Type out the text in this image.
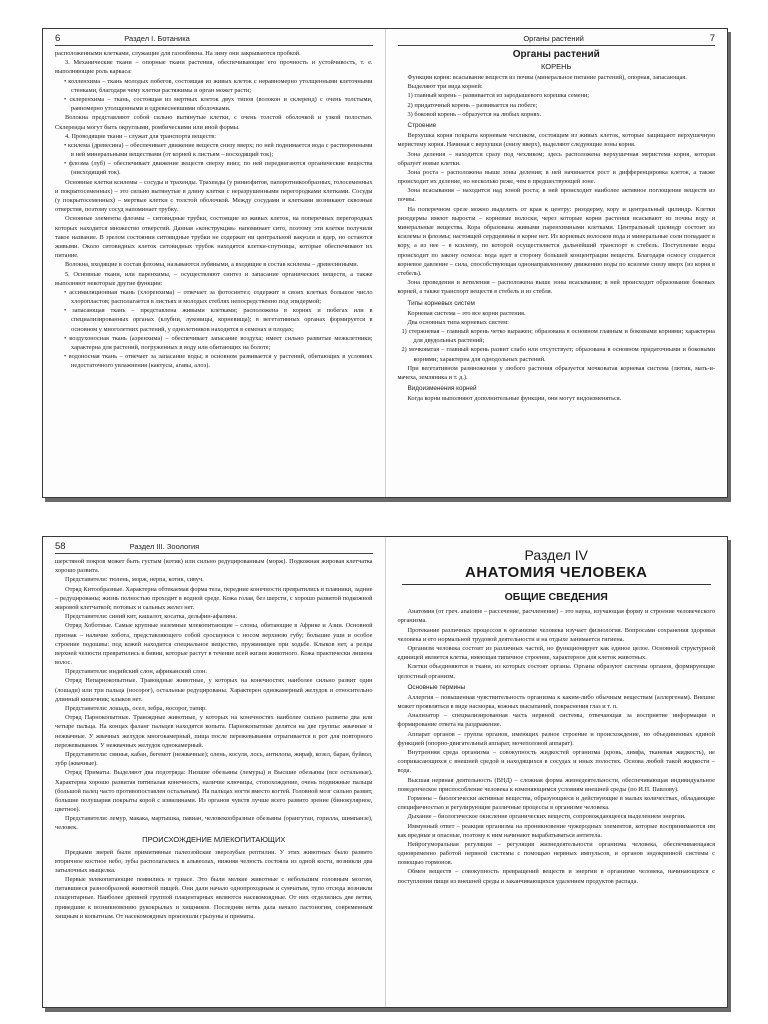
6	Раздел I. Ботаника

расположенными клетками, служащие для газообмена. На зиму они закрываются пробкой.

3. Механические ткани – опорные ткани растения, обеспечивающие его прочность и устойчивость, т. е. выполняющие роль каркаса:

• колленхима – ткань молодых побегов, состоящая из живых клеток с неравномерно утолщенными клеточными стенками, благодаря чему клетки растяжимы и орган может расти;

• склеренхима – ткань, состоящая из мертвых клеток двух типов (волокон и склереид) с очень толстыми, равномерно утолщенными и одревесневшими оболочками.

Волокна представляют собой сильно вытянутые клетки, с очень толстой оболочкой и узкой полостью. Склереиды могут быть округлыми, ромбическими или иной формы.

4. Проводящие ткани – служат для транспорта веществ:

• ксилема (древесина) – обеспечивает движение веществ снизу вверх; по ней поднимается вода с растворенными в ней минеральными веществами (от корней к листьям – восходящий ток);

• флоэма (луб) – обеспечивает движение веществ сверху вниз; по ней передвигаются органические вещества (нисходящий ток).

Основные клетки ксилемы – сосуды и трахеиды. Трахеиды (у риниофитов, папоротникообразных, голосеменных и покрытосеменных) – это сильно вытянутые в длину клетки с неразрушенными перегородками клетками. Сосуды (у покрытосеменных) – мертвые клетки с толстой оболочкой. Между сосудами и клетками возникают сквозные отверстия, поэтому сосуд напоминает трубку.

Основные элементы флоэмы – ситовидные трубки, состоящие из живых клеток, на поперечных перегородках которых находится множество отверстий. Данная «конструкция» напоминает сито, поэтому эти клетки получили такое название. В зрелом состоянии ситовидные трубки не содержат ни центральной вакуоли и ядер, но остаются живыми. Около ситовидных клеток ситовидных трубок находятся клетки-спутницы, которые обеспечивают их питание.

Волокна, входящие в состав флоэмы, называются лубяными, а входящие в состав ксилемы – древесинными.

5. Основные ткани, или паренхимы, – осуществляют синтез и запасание органических веществ, а также выполняют некоторые другие функции:

• ассимиляционная ткань (хлоренхима) – отвечает за фотосинтез; содержит в своих клетках большое число хлоропластов; располагается в листьях и молодых стеблях непосредственно под эпидермой;

• запасающая ткань – представлена живыми клетками; расположена в корнях и побегах или в специализированных органах (клубни, луковицы, корневища); в вегетативных органах формируется в основном у многолетних растений, у однолетников находится в семенах и плодах;

• воздухоносная ткань (аэренхима) – обеспечивает запасание воздуха; имеет сильно развитые межклетники; характерна для растений, погруженных в воду или обитающих на болоте;

• водоносная ткань – отвечает за запасание воды; в основном развивается у растений, обитающих в условиях недостаточного увлажнения (кактусы, агавы, алоэ).

Органы растений	7
Органы растений
КОРЕНЬ

Функции корня: всасывание веществ из почвы (минеральное питание растений), опорная, запасающая.

Выделяют три вида корней:

1) главный корень – развивается из зародышевого корешка семени;

2) придаточный корень – развивается на побеге;

3) боковой корень – образуется на любых корнях.

Строение

Верхушка корня покрыта корневым чехликом, состоящим из живых клеток, которые защищают верхушечную меристему корня. Начиная с верхушки (снизу вверх), выделяют следующие зоны корня.

Зона деления – находится сразу под чехликом; здесь расположена верхушечная меристема корня, которая образует новые клетки.

Зона роста – расположена выше зоны деления; в ней начинается рост и дифференцировка клеток, а также происходит их деление, но несколько реже, чем в предшествующей зоне.

Зона всасывания – находится над зоной роста; в ней происходит наиболее активное поглощение веществ из почвы.

На поперечном срезе можно выделить от края к центру: ризодерму, кору и центральный цилиндр. Клетки ризодермы имеют выросты – корневые волоски, через которые корни растения всасывают из почвы воду и минеральные вещества. Кора образована живыми паренхимными клетками. Центральный цилиндр состоит из ксилемы и флоэмы; настоящей сердцевины в корне нет. Из корневых волосков вода и минеральные соли попадают в кору, а из нее – в ксилему, по которой осуществляется дальнейший транспорт в стебель. Поступление воды происходит по закону осмоса: вода идет в сторону большей концентрации веществ. Благодаря осмосу создается корневое давление – сила, способствующая однонаправленному движению воды по ксилеме снизу вверх (из корня в стебель).

Зона проведения и ветвления – расположена выше зоны всасывания; в ней происходит образование боковых корней, а также транспорт веществ в стебель и из стебля.

Типы корневых систем

Корневая система – это все корни растения.

Два основных типа корневых систем:

1) стержневая – главный корень четко выражен; образована в основном главным и боковыми корнями; характерна для двудольных растений;

2) мочковатая – главный корень развит слабо или отсутствует; образована в основном придаточными и боковыми корнями; характерна для однодольных растений.

При вегетативном размножении у любого растения образуется мочковатая корневая система (лютик, мать-и-мачеха, земляника и т. д.).

Видоизменения корней

Когда корни выполняют дополнительные функции, они могут видоизменяться.

58	Раздел III. Зоология

шерстяной покров может быть густым (котик) или сильно редуцированным (морж). Подкожная жировая клетчатка хорошо развита.

Представители: тюлень, морж, нерпа, котик, сивуч.

Отряд Китообразные. Характерна обтекаемая форма тела, передние конечности превратились в плавники, задние – редуцированы; жизнь полностью проходит в водной среде. Кожа голая, без шерсти, с хорошо развитой подкожной жировой клетчаткой; потовых и сальных желез нет.

Представители: синий кит, кашалот, косатка, дельфин-афалина.

Отряд Хоботные. Самые крупные наземные млекопитающие – слоны, обитающие в Африке и Азии. Основной признак – наличие хобота, представляющего собой сросшуюся с носом верхнюю губу; большие уши и особое строение подошвы: под кожей находится специальное вещество, пружинящее при ходьбе. Клыков нет, а резцы верхней челюсти превратились в бивни, которые растут в течение всей жизни животного. Кожа практически лишена волос.

Представители: индийский слон, африканский слон.

Отряд Непарнокопытные. Травоядные животные, у которых на конечностях наиболее сильно развит один (лошади) или три пальца (носорог), остальные редуцированы. Характерен однокамерный желудок и относительно длинный кишечник; клыков нет.

Представители: лошадь, осел, зебра, носорог, тапир.

Отряд Парнокопытные. Травоядные животные, у которых на конечностях наиболее сильно развиты два или четыре пальца. На концах фаланг пальцев находятся копыта. Парнокопытные делятся на две группы: жвачные и нежвачные. У жвачных желудок многокамерный, пища после пережевывания отрыгивается в рот для повторного пережевывания. У нежвачных желудок однокамерный.

Представители: свинья, кабан, бегемот (нежвачные); олень, косуля, лось, антилопа, жираф, козел, баран, буйвол, зубр (жвачные).

Отряд Приматы. Выделяют два подотряда: Низшие обезьяны (лемуры) и Высшие обезьяны (все остальные). Характерна хорошо развитая пятипалая конечность, наличие ключицы, стопохождение, очень подвижные пальцы (большой палец часто противопоставлен остальным). На пальцах ногти вместо когтей. Головной мозг сильно развит, большие полушария покрыты корой с извилинами. Из органов чувств лучше всего развито зрение (бинокулярное, цветное).

Представители: лемур, макака, мартышка, павиан, человекообразные обезьяны (орангутан, горилла, шимпанзе), человек.

ПРОИСХОЖДЕНИЕ МЛЕКОПИТАЮЩИХ

Предками зверей были примитивные палеозойские зверозубые рептилии. У этих животных было развито вторичное костное небо, зубы располагались в альвеолах, нижняя челюсть состояла из одной кости, возникли два затылочных мыщелка.

Первые млекопитающие появились в триасе. Это были мелкие животные с небольшим головным мозгом, питавшиеся разнообразной животной пищей. Они дали начало однопроходным и сумчатым, тупо отсюда возникли плацентарные. Наиболее древней группой плацентарных являются насекомоядные. От них отделились две ветви, приведшие к возникновению рукокрылых и хищников. Последняя ветвь дала начало ластоногим, современным хищным и копытным. От насекомоядных произошли грызуны и приматы.

Раздел IV
АНАТОМИЯ ЧЕЛОВЕКА
ОБЩИЕ СВЕДЕНИЯ

Анатомия (от греч. anatome – рассечение, расчленение) – это наука, изучающая форму и строение человеческого организма.

Протекание различных процессов в организме человека изучает физиология. Вопросами сохранения здоровья человека и его нормальной трудовой деятельности и на отдыхе занимается гигиена.

Организм человека состоит из различных частей, но функционирует как единое целое. Основной структурной единицей является клетка, имеющая типичное строение, характерное для клеток животных.

Клетки объединяются в ткани, из которых состоят органы. Органы образуют системы органов, формирующие целостный организм.

Основные термины

Аллергия – повышенная чувствительность организма к каким-либо обычным веществам (аллергенам). Внешне может проявляться в виде насморка, кожных высыпаний, покраснения глаз и т. п.

Анализатор – специализированная часть нервной системы, отвечающая за восприятие информации и формирование ответа на раздражение.

Аппарат органов – группа органов, имеющих разное строение и происхождение, но объединенных единой функцией (опорно-двигательный аппарат, мочеполовой аппарат).

Внутренняя среда организма – совокупность жидкостей организма (кровь, лимфа, тканевая жидкость), не соприкасающихся с внешней средой и находящихся в сосудах и иных полостях. Основа любой такой жидкости – вода.

Высшая нервная деятельность (ВНД) – сложная форма жизнедеятельности, обеспечивающая индивидуальное поведенческое приспособление человека к изменяющимся условиям внешней среды (по И.П. Павлову).

Гормоны – биологически активные вещества, образующиеся и действующие в малых количествах, обладающие специфичностью и регулирующие различные процессы в организме человека.

Дыхание – биологическое окисление органических веществ, сопровождающееся выделением энергии.

Иммунный ответ – реакция организма на проникновение чужеродных элементов, которые воспринимаются им как вредные и опасные, поэтому к ним начинают вырабатываться антитела.

Нейрогуморальная регуляция – регуляция жизнедеятельности организма человека, обеспечивающаяся одновременно работой нервной системы с помощью нервных импульсов, и органов эндокринной системы с помощью гормонов.

Обмен веществ – совокупность превращений веществ и энергии в организме человека, начинающихся с поступления пищи из внешней среды и заканчивающихся удалением продуктов распада.
